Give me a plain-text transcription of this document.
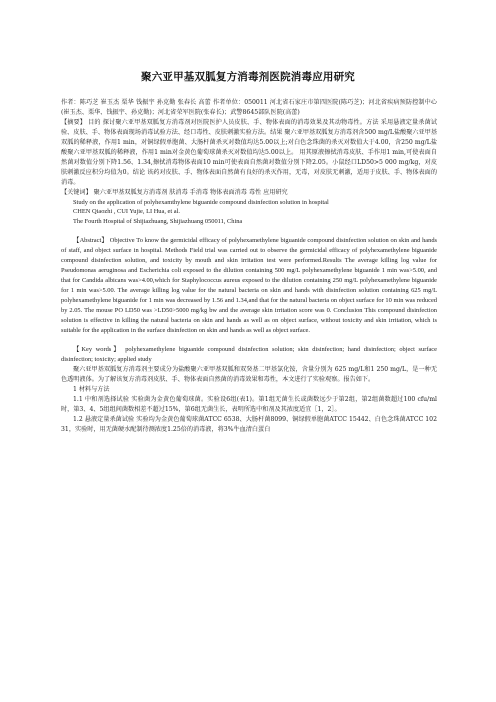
聚六亚甲基双胍复方消毒剂医院消毒应用研究

作者：陈巧芝 崔玉杰 栗华 钱振宇 孙克勤 张春长 高蕾 作者单位：050011 河北省石家庄市第四医院(陈巧芝)；河北省疾病预防控制中心(崔玉杰、栗华、钱振宇、孙克勤)；河北省荣军医院(张春长)；武警8645部队医院(高蕾)

【摘要】 目的 探讨聚六亚甲基双胍复方消毒剂对医院医护人员皮肤、手、物体表面的消毒效果及其动物毒性。方法 采用悬液定量杀菌试验、皮肤、手、物体表面现场消毒试验方法、经口毒性、皮肤刺激实验方法。结果 聚六亚甲基双胍复方消毒剂含500 mg/L盐酸聚六亚甲基双胍的稀释液，作用1 min，对铜绿假单胞菌、大肠杆菌杀灭对数值均达5.00以上;对白色念珠菌的杀灭对数值大于4.00，含250 mg/L盐酸聚六亚甲基双胍的稀释液，作用1 min对金黄色葡萄球菌杀灭对数值均达5.00以上。 用其原液擦拭消毒皮肤、手作用1 min,可使表面自然菌对数值分别下降1.56、1.34,擦拭消毒物体表面10 min可使表面自然菌对数值分别下降2.05。小鼠经口LD50>5 000 mg/kg，对皮肤刺激反应积分均值为0。结论 该药对皮肤、手、物体表面自然菌有良好的杀灭作用，无毒，对皮肤无刺激，适用于皮肤、手、物体表面的消毒。

【关键词】 聚六亚甲基双胍复方消毒剂 肤消毒 手消毒 物体表面消毒 毒性 应用研究

Study on the application of polyhexamthylene biguanide compound disinfection solution in hospital

CHEN Qiaozhi , CUI Yujie, LI Hua, et al.

The Fourth Hospital of Shijiazhuang, Shijiazhuang 050011, China

【Abstract】 Objective To know the germicidal efficacy of polyhexamethylene biguanide compound disinfection solution on skin and hands of staff, and object surface in hospital. Methods Field trial was carried out to observe the germicidal efficacy of polyhexamethylene biguanide compound disinfection solution, and toxicity by mouth and skin irritation test were performed.Results The average killing log value for Pseudomonas aeruginosa and Escherichia coli exposed to the dilution containing 500 mg/L polyhexamethylene biguanide 1 min was>5.00, and that for Candida albicans was>4.00,which for Staphylococcus aureus exposed to the dilution containing 250 mg/L polyhexamethylene biguanide for 1 min was>5.00. The average killing log value for the natural bacteria on skin and hands with disinfection solution containing 625 mg/L polyhexamethylene biguanide for 1 min was decreased by 1.56 and 1.34,and that for the natural bacteria on object surface for 10 min was reduced by 2.05. The mouse PO LD50 was >LD50>5000 mg/kg bw and the average skin irritation score was 0. Conclusion This compound disinfection solution is effective in killing the natural bacteria on skin and hands as well as on object surface, without toxicity and skin irritation, which is suitable for the application in the surface disinfection on skin and hands as well as object surface.

【Key words】 polyhexamethylene biguanide compound disinfection solution; skin disinfection; hand disinfection; object surface disinfection; toxicity; applied study

聚六亚甲基双胍复方消毒剂主要成分为盐酸聚六亚甲基双胍和双癸基二甲基氯化铵，含量分别为 625 mg/L和1 250 mg/L，是一种无色透明液体。为了解该复方消毒剂皮肤、手、物体表面自然菌的消毒效果和毒性，本文进行了实验观察。报告如下。

1 材料与方法

1.1 中和剂选择试验 实验菌为金黄色葡萄球菌。实验设6组(表1)。第1组无菌生长或菌数远少于第2组，第2组菌数超过100 cfu/ml时，第3、4、5组组间菌数相差不超过15%，第6组无菌生长，表明所选中和剂及其浓度适宜［1，2］。

1.2 悬液定量杀菌试验 实验均为金黄色葡萄球菌ATCC 6538、大肠杆菌8099、铜绿假单胞菌ATCC 15442、白色念珠菌ATCC 10231，实验时，用无菌硬水配制待测浓度1.25倍的消毒液，将3%牛血清白蛋白
